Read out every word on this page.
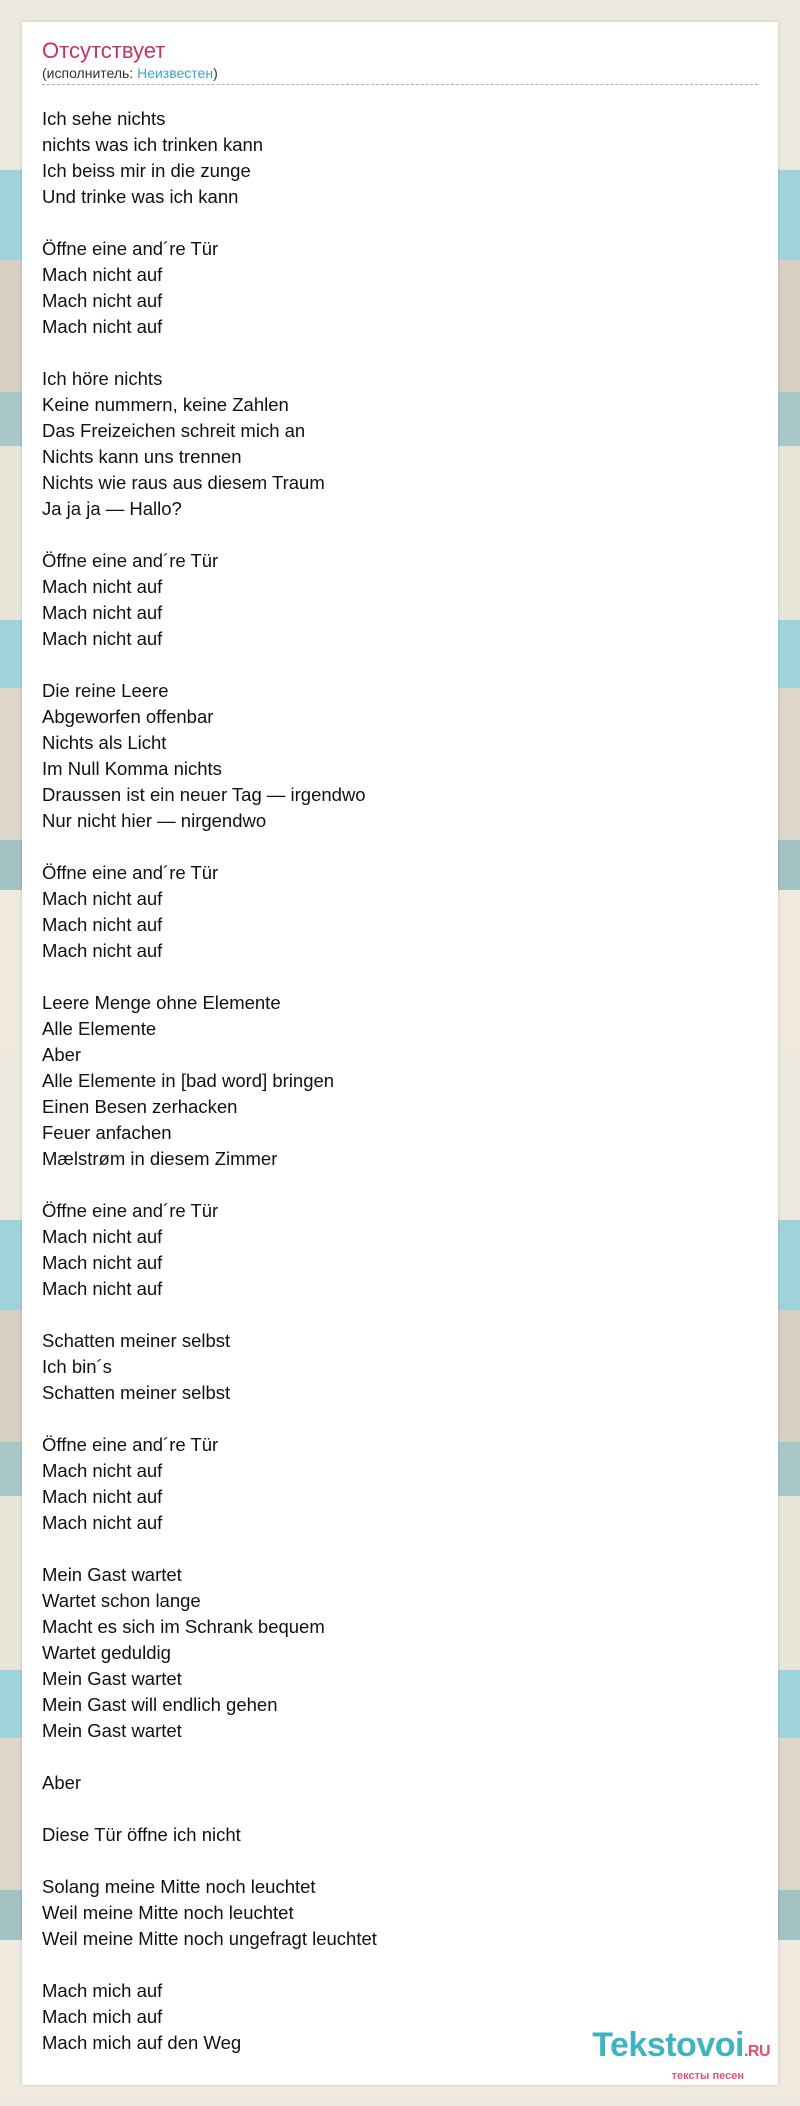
Отсутствует
(исполнитель: Неизвестен)
Ich sehe nichts
nichts was ich trinken kann
Ich beiss mir in die zunge
Und trinke was ich kann
Öffne eine and´re Tür
Mach nicht auf
Mach nicht auf
Mach nicht auf
Ich höre nichts
Keine nummern, keine Zahlen
Das Freizeichen schreit mich an
Nichts kann uns trennen
Nichts wie raus aus diesem Traum
Ja ja ja — Hallo?
Öffne eine and´re Tür
Mach nicht auf
Mach nicht auf
Mach nicht auf
Die reine Leere
Abgeworfen offenbar
Nichts als Licht
Im Null Komma nichts
Draussen ist ein neuer Tag — irgendwo
Nur nicht hier — nirgendwo
Öffne eine and´re Tür
Mach nicht auf
Mach nicht auf
Mach nicht auf
Leere Menge ohne Elemente
Alle Elemente
Aber
Alle Elemente in [bad word] bringen
Einen Besen zerhacken
Feuer anfachen
Mælstrøm in diesem Zimmer
Öffne eine and´re Tür
Mach nicht auf
Mach nicht auf
Mach nicht auf
Schatten meiner selbst
Ich bin´s
Schatten meiner selbst
Öffne eine and´re Tür
Mach nicht auf
Mach nicht auf
Mach nicht auf
Mein Gast wartet
Wartet schon lange
Macht es sich im Schrank bequem
Wartet geduldig
Mein Gast wartet
Mein Gast will endlich gehen
Mein Gast wartet
Aber
Diese Tür öffne ich nicht
Solang meine Mitte noch leuchtet
Weil meine Mitte noch leuchtet
Weil meine Mitte noch ungefragt leuchtet
Mach mich auf
Mach mich auf
Mach mich auf den Weg	Tekstovoi.RU
тексты песен
